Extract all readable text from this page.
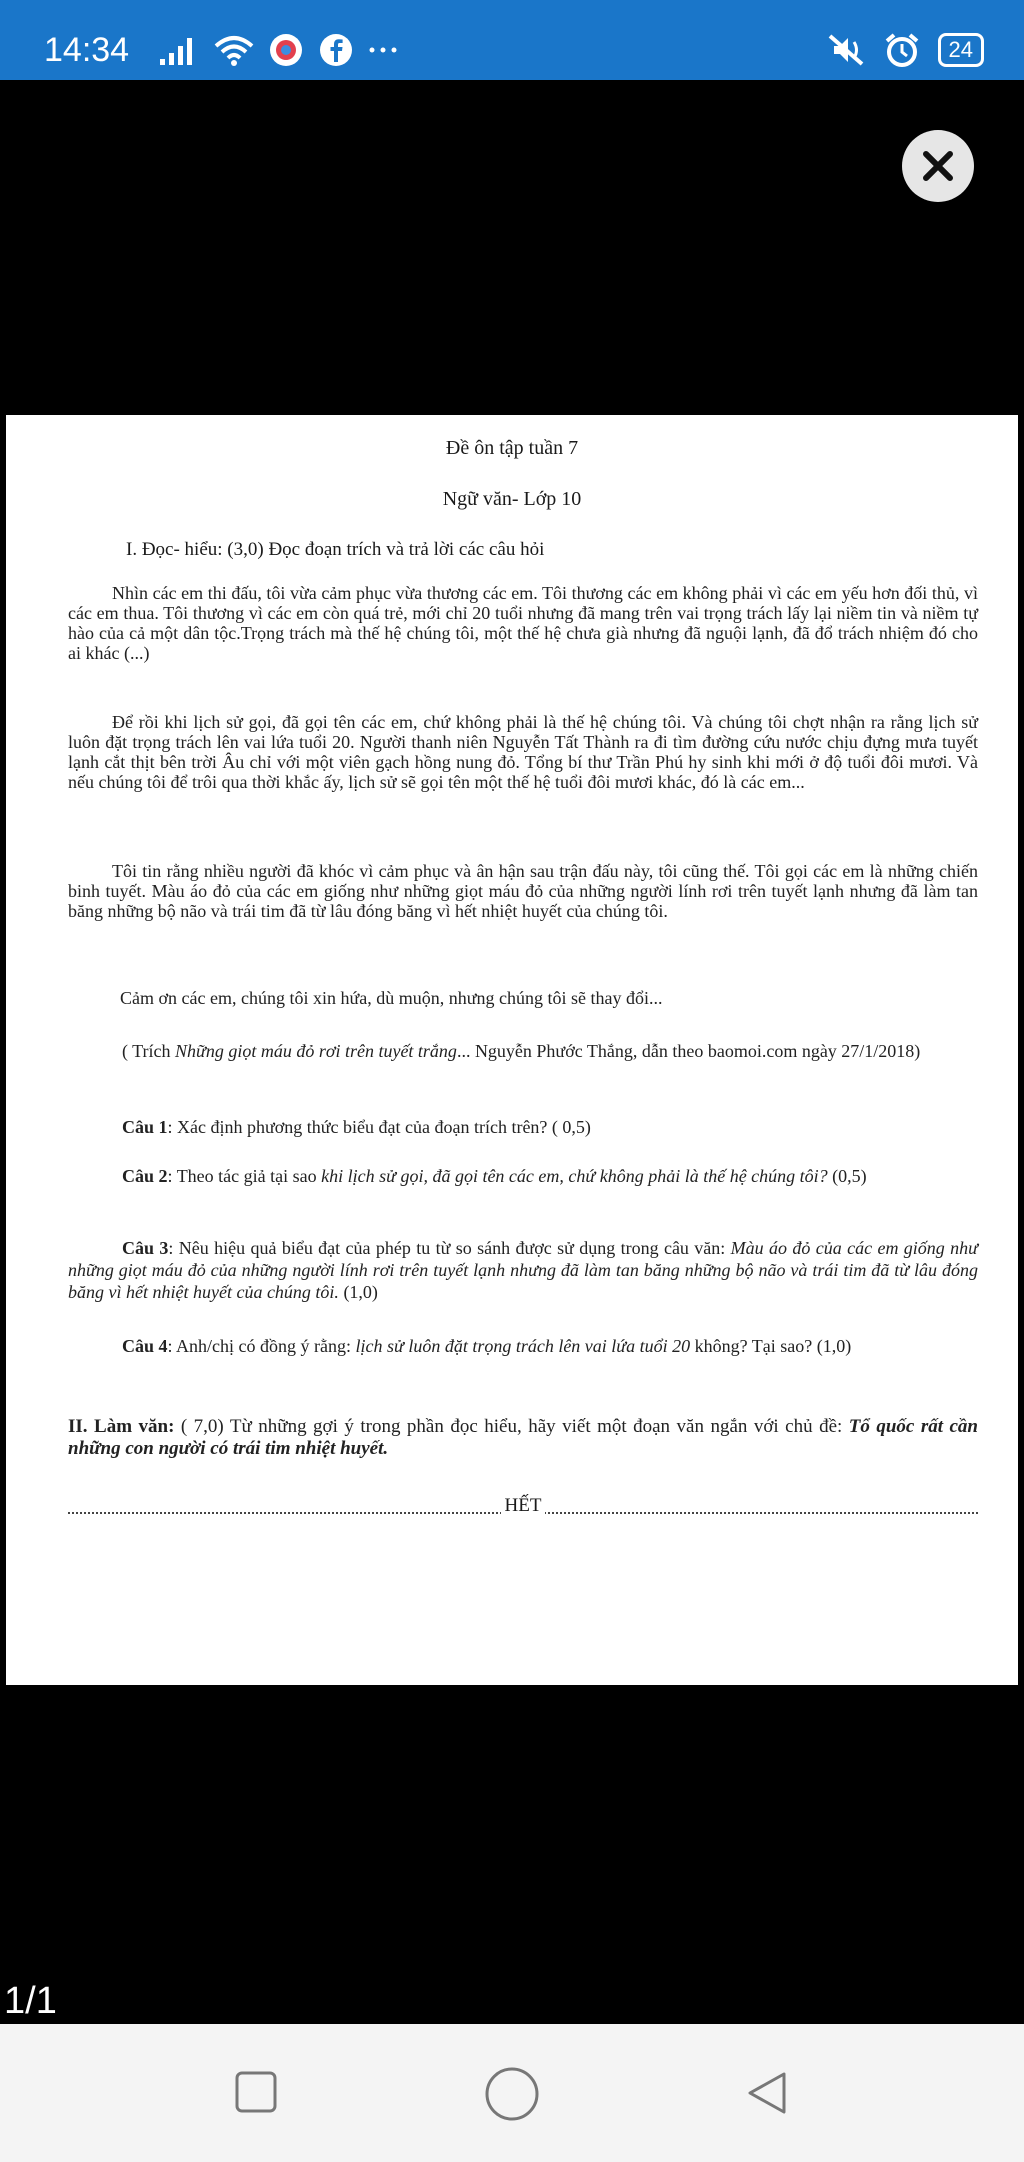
14:34	24
Đề ôn tập tuần 7
Ngữ văn- Lớp 10
I. Đọc- hiểu: (3,0) Đọc đoạn trích và trả lời các câu hỏi
Nhìn các em thi đấu, tôi vừa cảm phục vừa thương các em. Tôi thương các em không phải vì các em yếu hơn đối thủ, vì các em thua. Tôi thương vì các em còn quá trẻ, mới chỉ 20 tuổi nhưng đã mang trên vai trọng trách lấy lại niềm tin và niềm tự hào của cả một dân tộc.Trọng trách mà thế hệ chúng tôi, một thế hệ chưa già nhưng đã nguội lạnh, đã đổ trách nhiệm đó cho ai khác (...)
Để rồi khi lịch sử gọi, đã gọi tên các em, chứ không phải là thế hệ chúng tôi. Và chúng tôi chợt nhận ra rằng lịch sử luôn đặt trọng trách lên vai lứa tuổi 20. Người thanh niên Nguyễn Tất Thành ra đi tìm đường cứu nước chịu đựng mưa tuyết lạnh cắt thịt bên trời Âu chỉ với một viên gạch hồng nung đỏ. Tổng bí thư Trần Phú hy sinh khi mới ở độ tuổi đôi mươi. Và nếu chúng tôi để trôi qua thời khắc ấy, lịch sử sẽ gọi tên một thế hệ tuổi đôi mươi khác, đó là các em...
Tôi tin rằng nhiều người đã khóc vì cảm phục và ân hận sau trận đấu này, tôi cũng thế. Tôi gọi các em là những chiến binh tuyết. Màu áo đỏ của các em giống như những giọt máu đỏ của những người lính rơi trên tuyết lạnh nhưng đã làm tan băng những bộ não và trái tim đã từ lâu đóng băng vì hết nhiệt huyết của chúng tôi.
Cảm ơn các em, chúng tôi xin hứa, dù muộn, nhưng chúng tôi sẽ thay đổi...
( Trích Những giọt máu đỏ rơi trên tuyết trắng... Nguyễn Phước Thắng, dẫn theo baomoi.com ngày 27/1/2018)
Câu 1: Xác định phương thức biểu đạt của đoạn trích trên? ( 0,5)
Câu 2: Theo tác giả tại sao khi lịch sử gọi, đã gọi tên các em, chứ không phải là thế hệ chúng tôi? (0,5)
Câu 3: Nêu hiệu quả biểu đạt của phép tu từ so sánh được sử dụng trong câu văn: Màu áo đỏ của các em giống như những giọt máu đỏ của những người lính rơi trên tuyết lạnh nhưng đã làm tan băng những bộ não và trái tim đã từ lâu đóng băng vì hết nhiệt huyết của chúng tôi. (1,0)
Câu 4: Anh/chị có đồng ý rằng: lịch sử luôn đặt trọng trách lên vai lứa tuổi 20 không? Tại sao? (1,0)
II. Làm văn: ( 7,0) Từ những gợi ý trong phần đọc hiểu, hãy viết một đoạn văn ngắn với chủ đề: Tổ quốc rất cần những con người có trái tim nhiệt huyết.
HẾT
1/1
